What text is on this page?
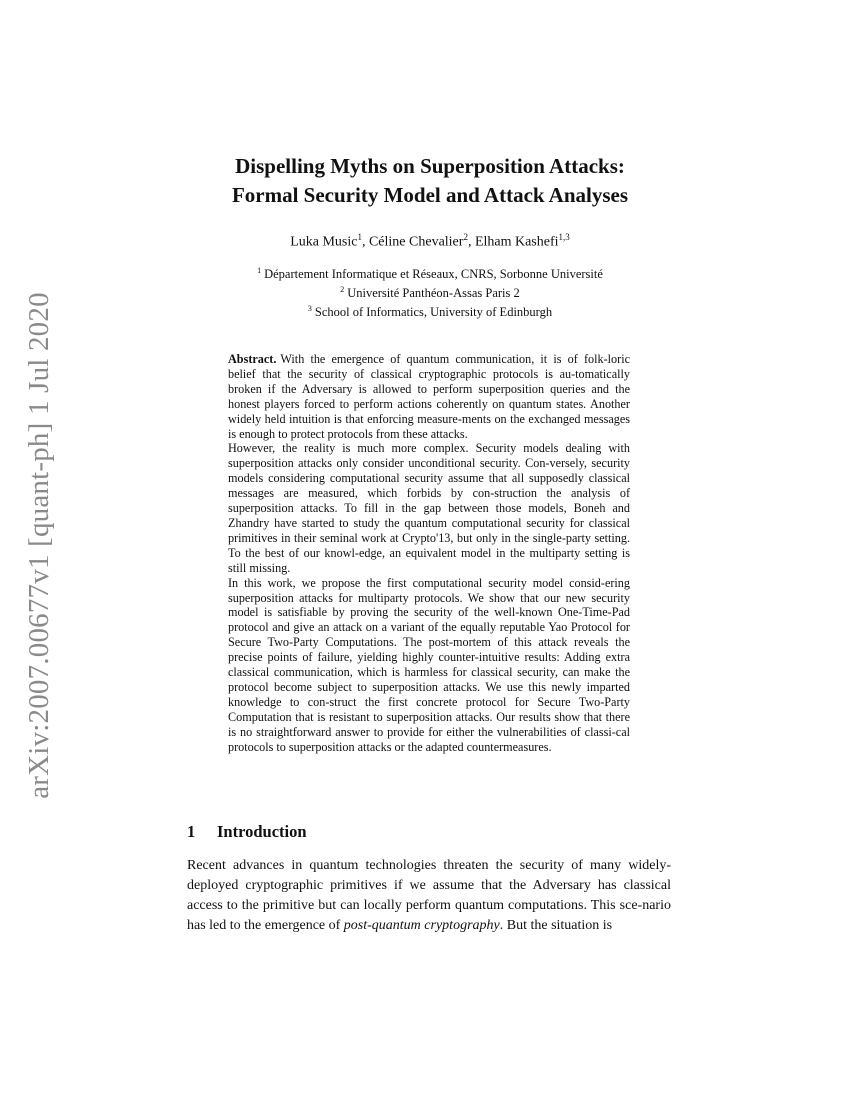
arXiv:2007.00677v1 [quant-ph] 1 Jul 2020
Dispelling Myths on Superposition Attacks:
Formal Security Model and Attack Analyses
Luka Music$^1$, Céline Chevalier$^2$, Elham Kashefi$^{1,3}$
$^1$ Département Informatique et Réseaux, CNRS, Sorbonne Université
$^2$ Université Panthéon-Assas Paris 2
$^3$ School of Informatics, University of Edinburgh

Abstract. With the emergence of quantum communication, it is of folk-loric belief that the security of classical cryptographic protocols is au-tomatically broken if the Adversary is allowed to perform superposition queries and the honest players forced to perform actions coherently on quantum states. Another widely held intuition is that enforcing measure-ments on the exchanged messages is enough to protect protocols from these attacks.

However, the reality is much more complex. Security models dealing with superposition attacks only consider unconditional security. Con-versely, security models considering computational security assume that all supposedly classical messages are measured, which forbids by con-struction the analysis of superposition attacks. To fill in the gap between those models, Boneh and Zhandry have started to study the quantum computational security for classical primitives in their seminal work at Crypto'13, but only in the single-party setting. To the best of our knowl-edge, an equivalent model in the multiparty setting is still missing.

In this work, we propose the first computational security model consid-ering superposition attacks for multiparty protocols. We show that our new security model is satisfiable by proving the security of the well-known One-Time-Pad protocol and give an attack on a variant of the equally reputable Yao Protocol for Secure Two-Party Computations. The post-mortem of this attack reveals the precise points of failure, yielding highly counter-intuitive results: Adding extra classical communication, which is harmless for classical security, can make the protocol become subject to superposition attacks. We use this newly imparted knowledge to con-struct the first concrete protocol for Secure Two-Party Computation that is resistant to superposition attacks. Our results show that there is no straightforward answer to provide for either the vulnerabilities of classi-cal protocols to superposition attacks or the adapted countermeasures.

1 Introduction

Recent advances in quantum technologies threaten the security of many widely-deployed cryptographic primitives if we assume that the Adversary has classical access to the primitive but can locally perform quantum computations. This sce-nario has led to the emergence of post-quantum cryptography. But the situation is
